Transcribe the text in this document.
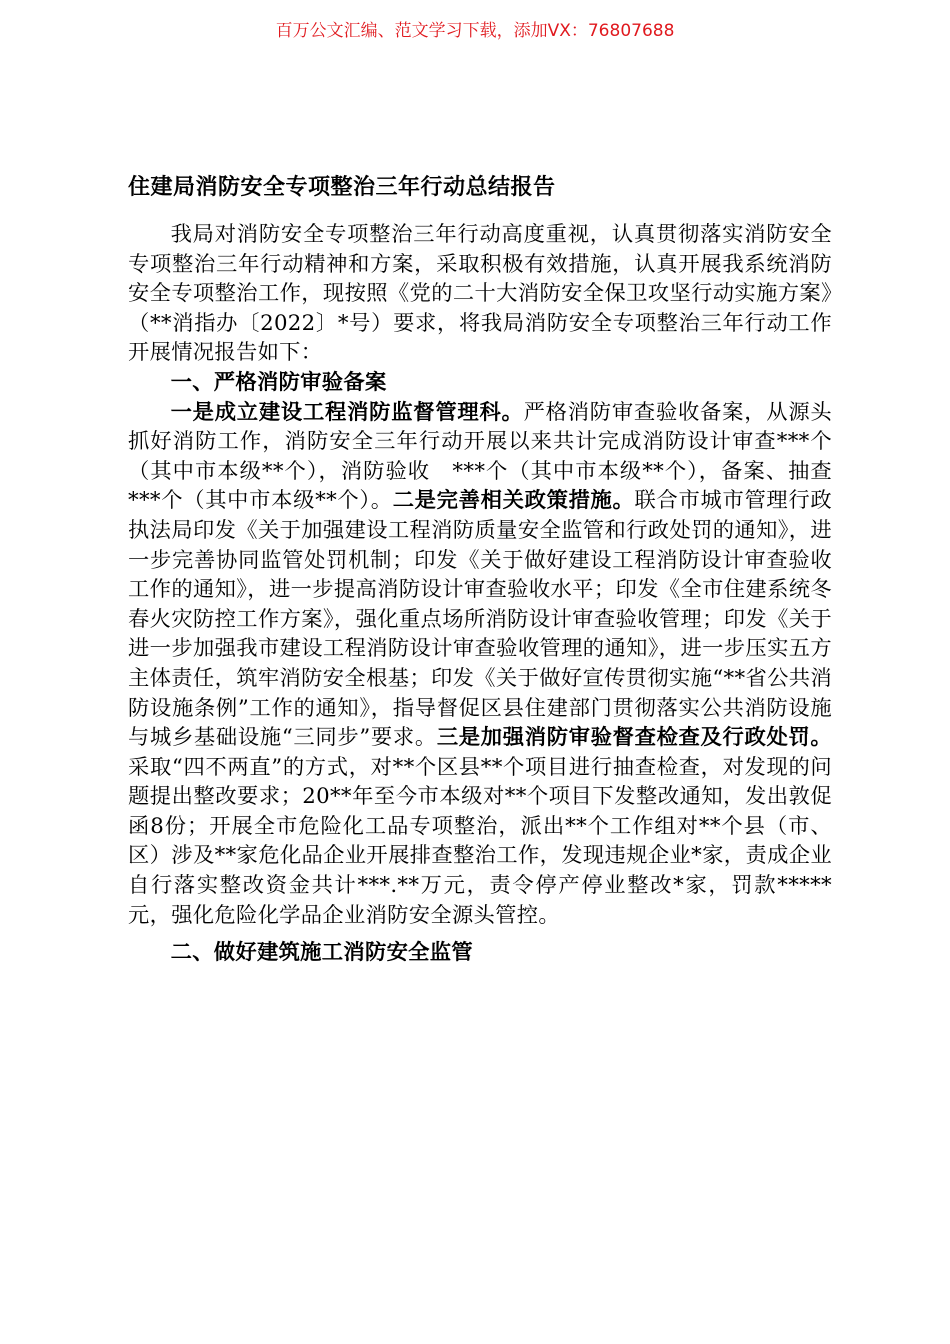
百万公文汇编、范文学习下载，添加VX：76807688
住建局消防安全专项整治三年行动总结报告

我局对消防安全专项整治三年行动高度重视，认真贯彻落实消防安全专项整治三年行动精神和方案，采取积极有效措施，认真开展我系统消防安全专项整治工作，现按照《党的二十大消防安全保卫攻坚行动实施方案》（**消指办〔2022〕*号）要求，将我局消防安全专项整治三年行动工作开展情况报告如下：

一、严格消防审验备案

一是成立建设工程消防监督管理科。严格消防审查验收备案，从源头抓好消防工作，消防安全三年行动开展以来共计完成消防设计审查***个（其中市本级**个），消防验收　***个（其中市本级**个），备案、抽查***个（其中市本级**个）。二是完善相关政策措施。联合市城市管理行政执法局印发《关于加强建设工程消防质量安全监管和行政处罚的通知》，进一步完善协同监管处罚机制；印发《关于做好建设工程消防设计审查验收工作的通知》，进一步提高消防设计审查验收水平；印发《全市住建系统冬春火灾防控工作方案》，强化重点场所消防设计审查验收管理；印发《关于进一步加强我市建设工程消防设计审查验收管理的通知》，进一步压实五方主体责任，筑牢消防安全根基；印发《关于做好宣传贯彻实施“**省公共消防设施条例”工作的通知》，指导督促区县住建部门贯彻落实公共消防设施与城乡基础设施“三同步”要求。三是加强消防审验督查检查及行政处罚。采取“四不两直”的方式，对**个区县**个项目进行抽查检查，对发现的问题提出整改要求；20**年至今市本级对**个项目下发整改通知，发出敦促函8份；开展全市危险化工品专项整治，派出**个工作组对**个县（市、区）涉及**家危化品企业开展排查整治工作，发现违规企业*家，责成企业自行落实整改资金共计***.**万元，责令停产停业整改*家，罚款*****元，强化危险化学品企业消防安全源头管控。

二、做好建筑施工消防安全监管
